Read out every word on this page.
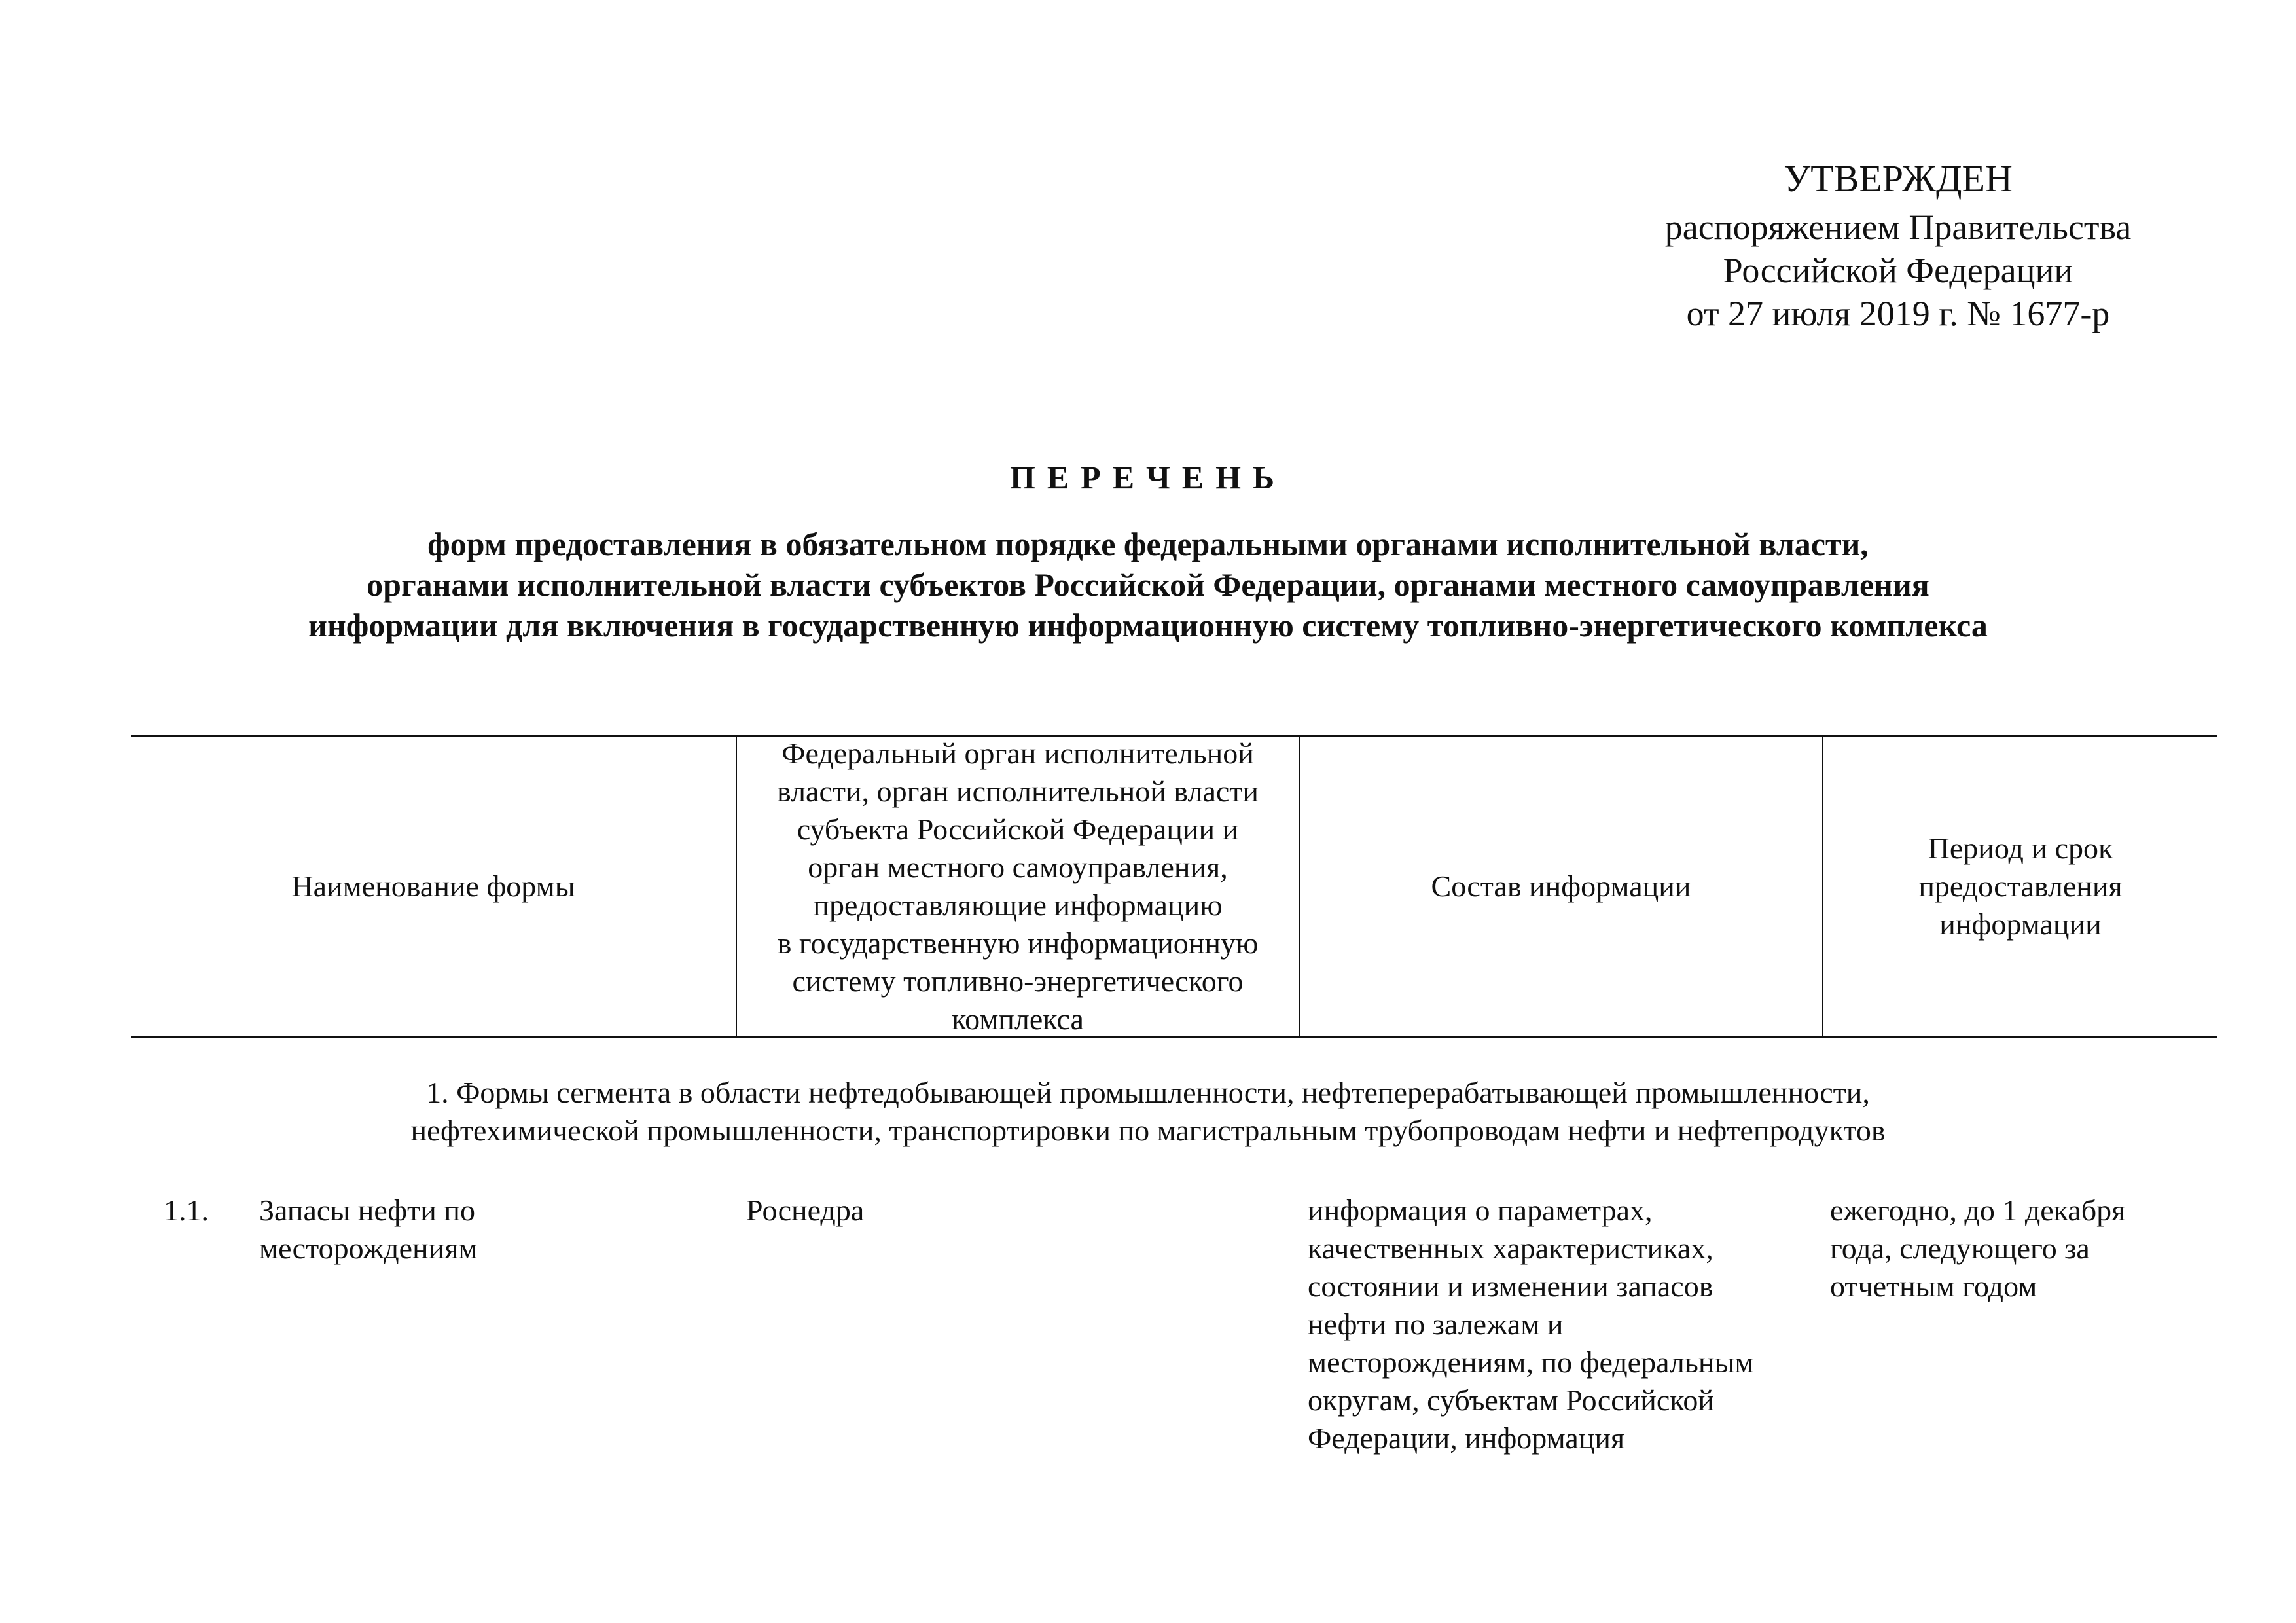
УТВЕРЖДЕН
распоряжением Правительства
Российской Федерации
от 27 июля 2019 г. № 1677-р
ПЕРЕЧЕНЬ
форм предоставления в обязательном порядке федеральными органами исполнительной власти,
органами исполнительной власти субъектов Российской Федерации, органами местного самоуправления
информации для включения в государственную информационную систему топливно-энергетического комплекса
Наименование формы
Федеральный орган исполнительной
власти, орган исполнительной власти
субъекта Российской Федерации и
орган местного самоуправления,
предоставляющие информацию
в государственную информационную
систему топливно-энергетического
комплекса
Состав информации
Период и срок
предоставления
информации
1. Формы сегмента в области нефтедобывающей промышленности, нефтеперерабатывающей промышленности,
нефтехимической промышленности, транспортировки по магистральным трубопроводам нефти и нефтепродуктов
1.1.	Запасы нефти по
месторождениям
Роснедра	информация о параметрах,
качественных характеристиках,
состоянии и изменении запасов
нефти по залежам и
месторождениям, по федеральным
округам, субъектам Российской
Федерации, информация
ежегодно, до 1 декабря
года, следующего за
отчетным годом
